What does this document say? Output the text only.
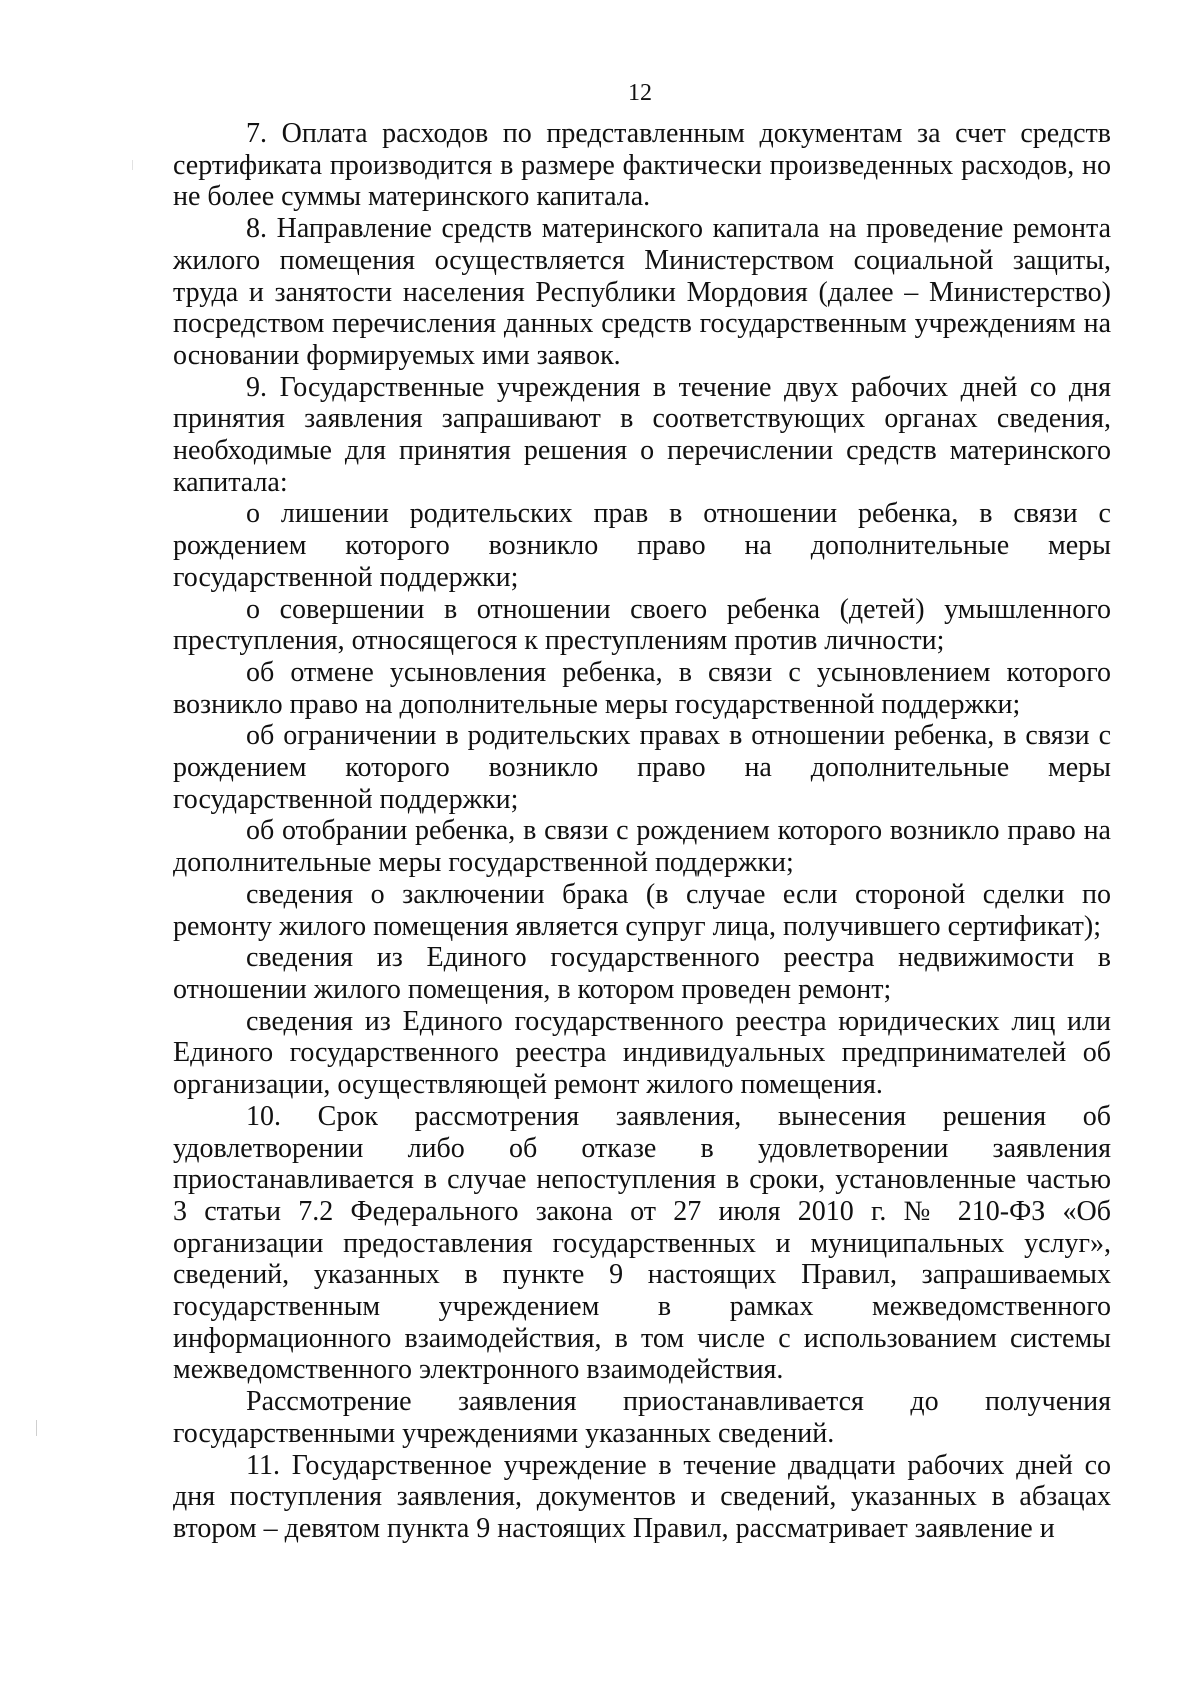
12

7. Оплата расходов по представленным документам за счет средств сертификата производится в размере фактически произведенных расходов, но не более суммы материнского капитала.

8. Направление средств материнского капитала на проведение ремонта жилого помещения осуществляется Министерством социальной защиты, труда и занятости населения Республики Мордовия (далее – Министерство) посредством перечисления данных средств государственным учреждениям на основании формируемых ими заявок.

9. Государственные учреждения в течение двух рабочих дней со дня принятия заявления запрашивают в соответствующих органах сведения, необходимые для принятия решения о перечислении средств материнского капитала:

о лишении родительских прав в отношении ребенка, в связи с рождением которого возникло право на дополнительные меры государственной поддержки;

о совершении в отношении своего ребенка (детей) умышленного преступления, относящегося к преступлениям против личности;

об отмене усыновления ребенка, в связи с усыновлением которого возникло право на дополнительные меры государственной поддержки;

об ограничении в родительских правах в отношении ребенка, в связи с рождением которого возникло право на дополнительные меры государственной поддержки;

об отобрании ребенка, в связи с рождением которого возникло право на дополнительные меры государственной поддержки;

сведения о заключении брака (в случае если стороной сделки по ремонту жилого помещения является супруг лица, получившего сертификат);

сведения из Единого государственного реестра недвижимости в отношении жилого помещения, в котором проведен ремонт;

сведения из Единого государственного реестра юридических лиц или Единого государственного реестра индивидуальных предпринимателей об организации, осуществляющей ремонт жилого помещения.

10. Срок рассмотрения заявления, вынесения решения об удовлетворении либо об отказе в удовлетворении заявления приостанавливается в случае непоступления в сроки, установленные частью 3 статьи 7.2 Федерального закона от 27 июля 2010 г. № 210-ФЗ «Об организации предоставления государственных и муниципальных услуг», сведений, указанных в пункте 9 настоящих Правил, запрашиваемых государственным учреждением в рамках межведомственного информационного взаимодействия, в том числе с использованием системы межведомственного электронного взаимодействия.

Рассмотрение заявления приостанавливается до получения государственными учреждениями указанных сведений.

11. Государственное учреждение в течение двадцати рабочих дней со дня поступления заявления, документов и сведений, указанных в абзацах втором – девятом пункта 9 настоящих Правил, рассматривает заявление и
